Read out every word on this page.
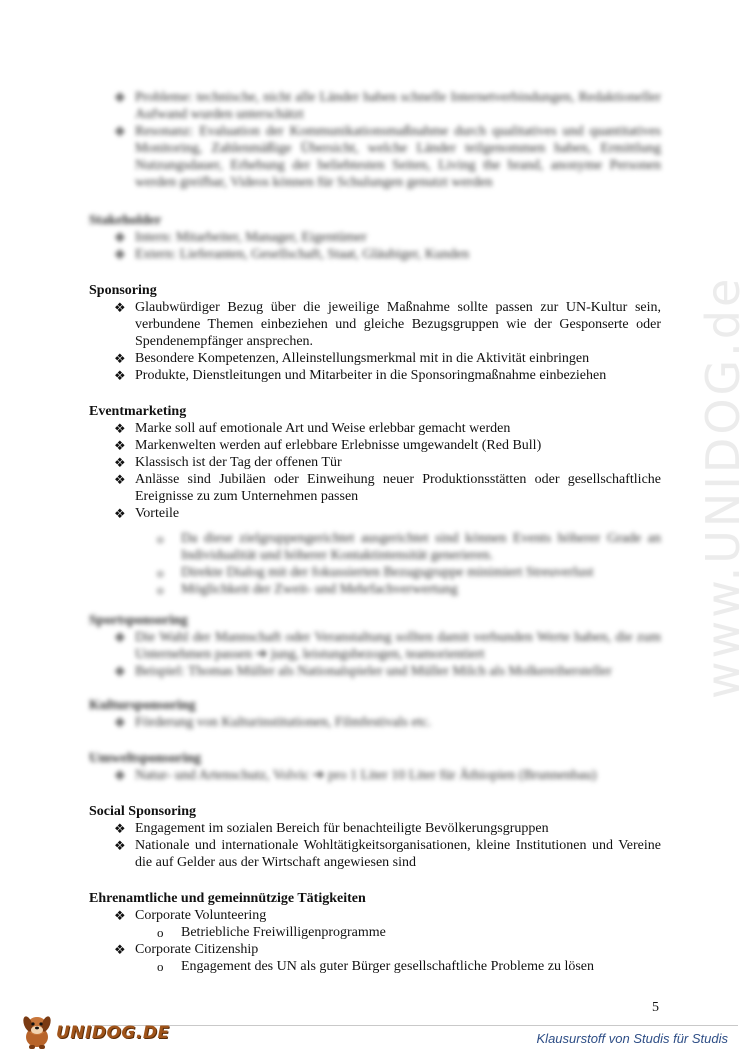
❖ Probleme: technische, nicht alle Länder haben schnelle Internetverbindungen, Redaktioneller Aufwand wurden unterschätzt
❖ Resonanz: Evaluation der Kommunikationsmaßnahme durch qualitatives und quantitatives Monitoring, Zahlenmäßige Übersicht, welche Länder teilgenommen haben, Ermittlung Nutzungsdauer, Erhebung der beliebtesten Seiten, Living the brand, anonyme Personen werden greifbar, Videos können für Schulungen genutzt werden

Stakeholder

❖ Intern: Mitarbeiter, Manager, Eigentümer
❖ Extern: Lieferanten, Gesellschaft, Staat, Gläubiger, Kunden

Sponsoring

❖ Glaubwürdiger Bezug über die jeweilige Maßnahme sollte passen zur UN-Kultur sein, verbundene Themen einbeziehen und gleiche Bezugsgruppen wie der Gesponserte oder Spendenempfänger ansprechen.
❖ Besondere Kompetenzen, Alleinstellungsmerkmal mit in die Aktivität einbringen
❖ Produkte, Dienstleitungen und Mitarbeiter in die Sponsoringmaßnahme einbeziehen

Eventmarketing

❖ Marke soll auf emotionale Art und Weise erlebbar gemacht werden
❖ Markenwelten werden auf erlebbare Erlebnisse umgewandelt (Red Bull)
❖ Klassisch ist der Tag der offenen Tür
❖ Anlässe sind Jubiläen oder Einweihung neuer Produktionsstätten oder gesellschaftliche Ereignisse zu zum Unternehmen passen
❖ Vorteile
o Da diese zielgruppengerichtet ausgerichtet sind können Events höherer Grade an Individualität und höherer Kontaktintensität generieren.
o Direkte Dialog mit der fokussierten Bezugsgruppe minimiert Streuverlust
o Möglichkeit der Zweit- und Mehrfachverwertung

Sportsponsoring

❖ Die Wahl der Mannschaft oder Veranstaltung sollten damit verbunden Werte haben, die zum Unternehmen passen ➔ jung, leistungsbezogen, teamorientiert
❖ Beispiel: Thomas Müller als Nationalspieler und Müller Milch als Molkereihersteller

Kultursponsoring

❖ Förderung von Kulturinstitutionen, Filmfestivals etc.

Umweltsponsoring

❖ Natur- und Artenschutz, Volvic ➔ pro 1 Liter 10 Liter für Äthiopien (Brunnenbau)

Social Sponsoring

❖ Engagement im sozialen Bereich für benachteiligte Bevölkerungsgruppen
❖ Nationale und internationale Wohltätigkeitsorganisationen, kleine Institutionen und Vereine die auf Gelder aus der Wirtschaft angewiesen sind

Ehrenamtliche und gemeinnützige Tätigkeiten

❖ Corporate Volunteering
o Betriebliche Freiwilligenprogramme
❖ Corporate Citizenship
o Engagement des UN als guter Bürger gesellschaftliche Probleme zu lösen
www.UNIDOG.de
5
UNIDOG.DE	Klausurstoff von Studis für Studis
